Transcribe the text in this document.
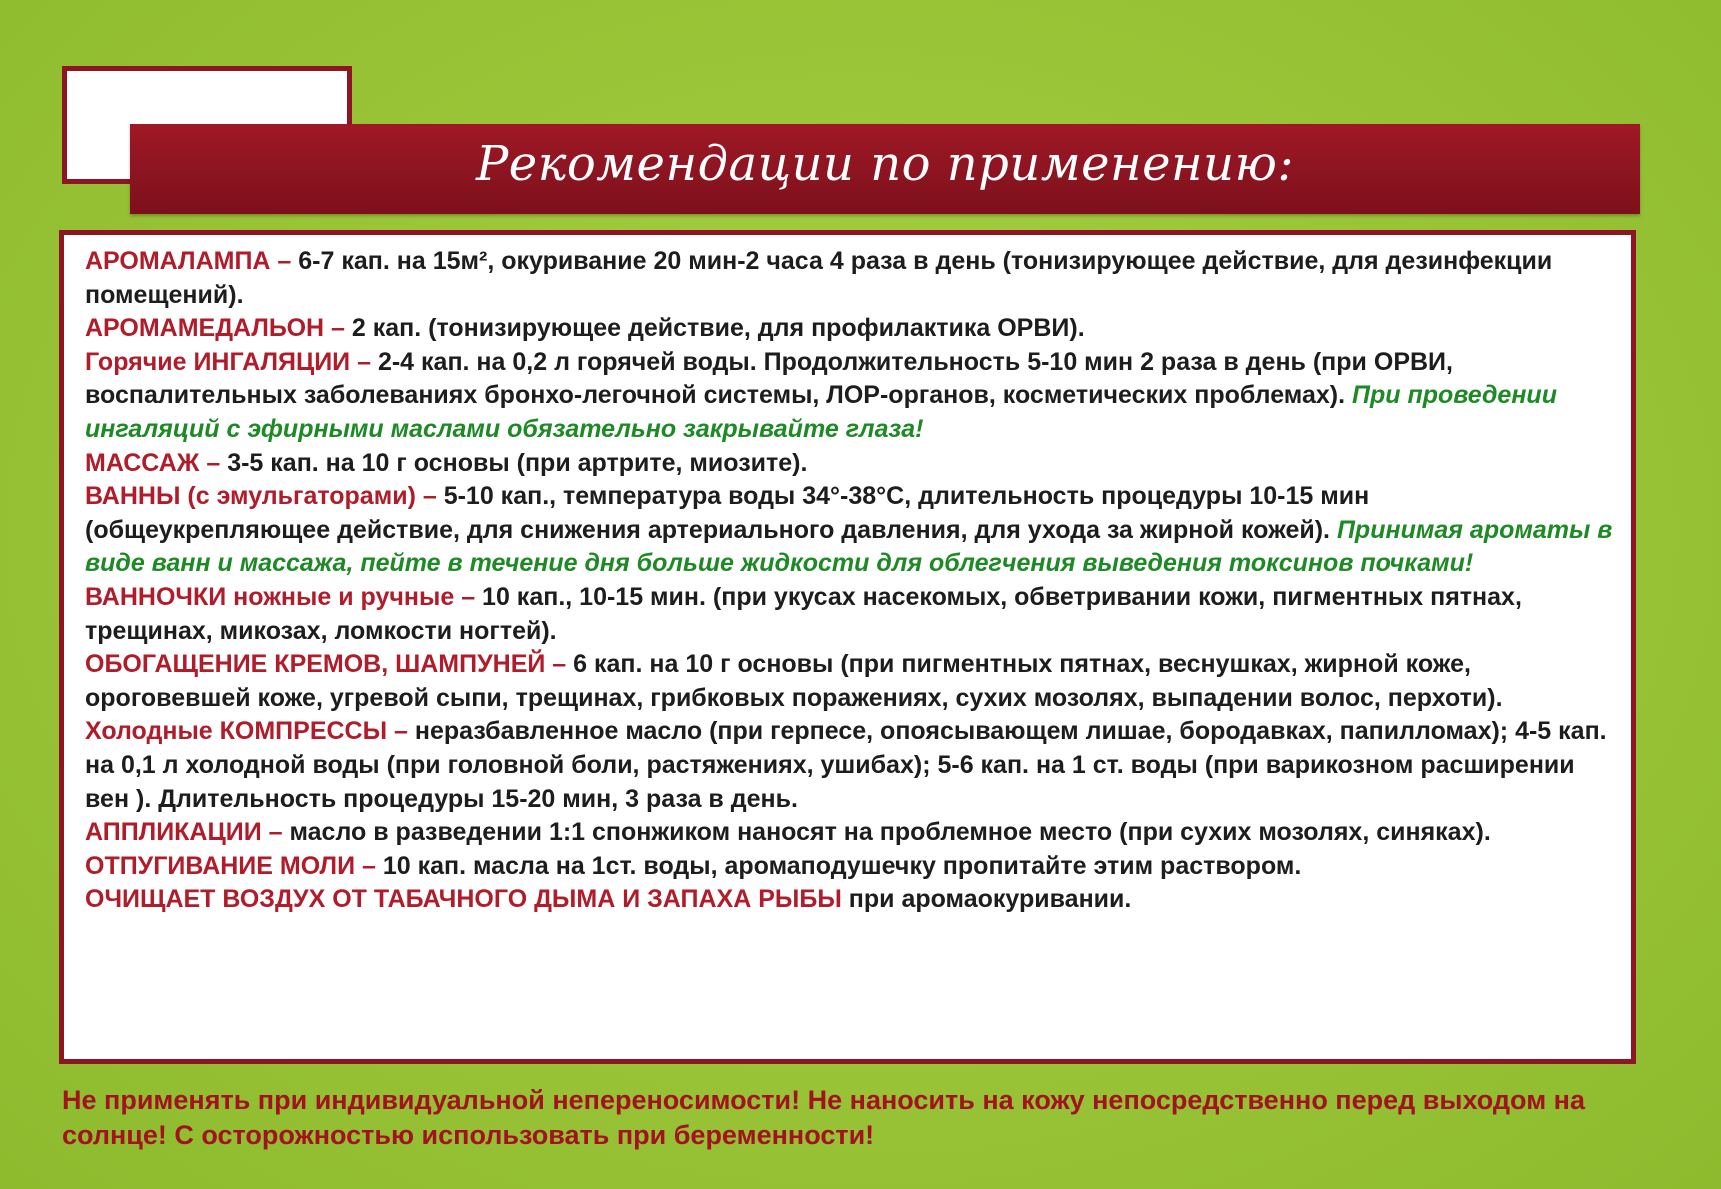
Рекомендации по применению:

АРОМАЛАМПА – 6-7 кап. на 15м², окуривание 20 мин-2 часа 4 раза в день (тонизирующее действие, для дезинфекции помещений).

АРОМАМЕДАЛЬОН – 2 кап. (тонизирующее действие, для профилактика ОРВИ).

Горячие ИНГАЛЯЦИИ – 2-4 кап. на 0,2 л горячей воды. Продолжительность 5-10 мин 2 раза в день (при ОРВИ, воспалительных заболеваниях бронхо-легочной системы, ЛОР-органов, косметических проблемах). При проведении ингаляций с эфирными маслами обязательно закрывайте глаза!

МАССАЖ – 3-5 кап. на 10 г основы (при артрите, миозите).

ВАННЫ (с эмульгаторами) – 5-10 кап., температура воды 34°-38°С, длительность процедуры 10-15 мин (общеукрепляющее действие, для снижения артериального давления, для ухода за жирной кожей). Принимая ароматы в виде ванн и массажа, пейте в течение дня больше жидкости для облегчения выведения токсинов почками!

ВАННОЧКИ ножные и ручные – 10 кап., 10-15 мин. (при укусах насекомых, обветривании кожи, пигментных пятнах, трещинах, микозах, ломкости ногтей).

ОБОГАЩЕНИЕ КРЕМОВ, ШАМПУНЕЙ – 6 кап. на 10 г основы (при пигментных пятнах, веснушках, жирной коже, ороговевшей коже, угревой сыпи, трещинах, грибковых поражениях, сухих мозолях, выпадении волос, перхоти).

Холодные КОМПРЕССЫ – неразбавленное масло (при герпесе, опоясывающем лишае, бородавках, папилломах); 4-5 кап. на 0,1 л холодной воды (при головной боли, растяжениях, ушибах); 5-6 кап. на 1 ст. воды (при варикозном расширении вен ). Длительность процедуры 15-20 мин, 3 раза в день.

АППЛИКАЦИИ – масло в разведении 1:1 спонжиком наносят на проблемное место (при сухих мозолях, синяках).

ОТПУГИВАНИЕ МОЛИ – 10 кап. масла на 1ст. воды, аромаподушечку пропитайте этим раствором.

ОЧИЩАЕТ ВОЗДУХ ОТ ТАБАЧНОГО ДЫМА И ЗАПАХА РЫБЫ при аромаокуривании.

Не применять при индивидуальной непереносимости! Не наносить на кожу непосредственно перед выходом на солнце! С осторожностью использовать при беременности!
